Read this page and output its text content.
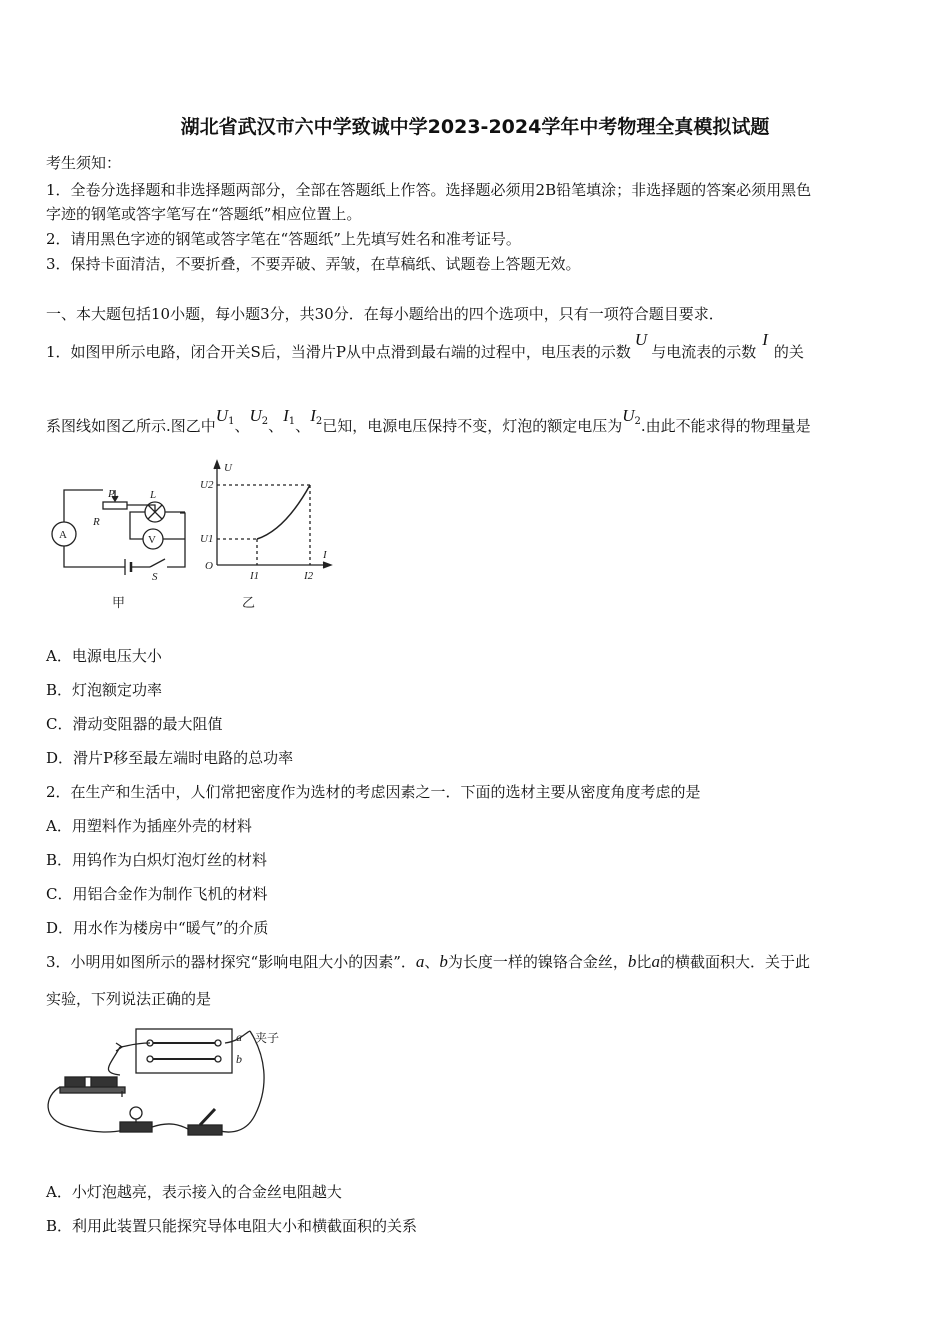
湖北省武汉市六中学致诚中学2023-2024学年中考物理全真模拟试题
考生须知：
1．全卷分选择题和非选择题两部分，全部在答题纸上作答。选择题必须用2B铅笔填涂；非选择题的答案必须用黑色
字迹的钢笔或答字笔写在“答题纸”相应位置上。
2．请用黑色字迹的钢笔或答字笔在“答题纸”上先填写姓名和准考证号。
3．保持卡面清洁，不要折叠，不要弄破、弄皱，在草稿纸、试题卷上答题无效。
一、本大题包括10小题，每小题3分，共30分．在每小题给出的四个选项中，只有一项符合题目要求．
1．如图甲所示电路，闭合开关S后，当滑片P从中点滑到最右端的过程中，电压表的示数U与电流表的示数I的关
系图线如图乙所示.图乙中$U_1$、$U_2$、$I_1$、$I_2$已知，电源电压保持不变，灯泡的额定电压为$U_2$.由此不能求得的物理量是
A	V
P
R
L
S
U
U2
U1
O
I
I1	I2
甲	乙
A．电源电压大小
B．灯泡额定功率
C．滑动变阻器的最大阻值
D．滑片P移至最左端时电路的总功率
2．在生产和生活中，人们常把密度作为选材的考虑因素之一．下面的选材主要从密度角度考虑的是
A．用塑料作为插座外壳的材料
B．用钨作为白炽灯泡灯丝的材料
C．用铝合金作为制作飞机的材料
D．用水作为楼房中“暖气”的介质
3．小明用如图所示的器材探究“影响电阻大小的因素”．a、b为长度一样的镍铬合金丝，b比a的横截面积大．关于此
实验，下列说法正确的是
a
b
夹子
A．小灯泡越亮，表示接入的合金丝电阻越大
B．利用此装置只能探究导体电阻大小和横截面积的关系
